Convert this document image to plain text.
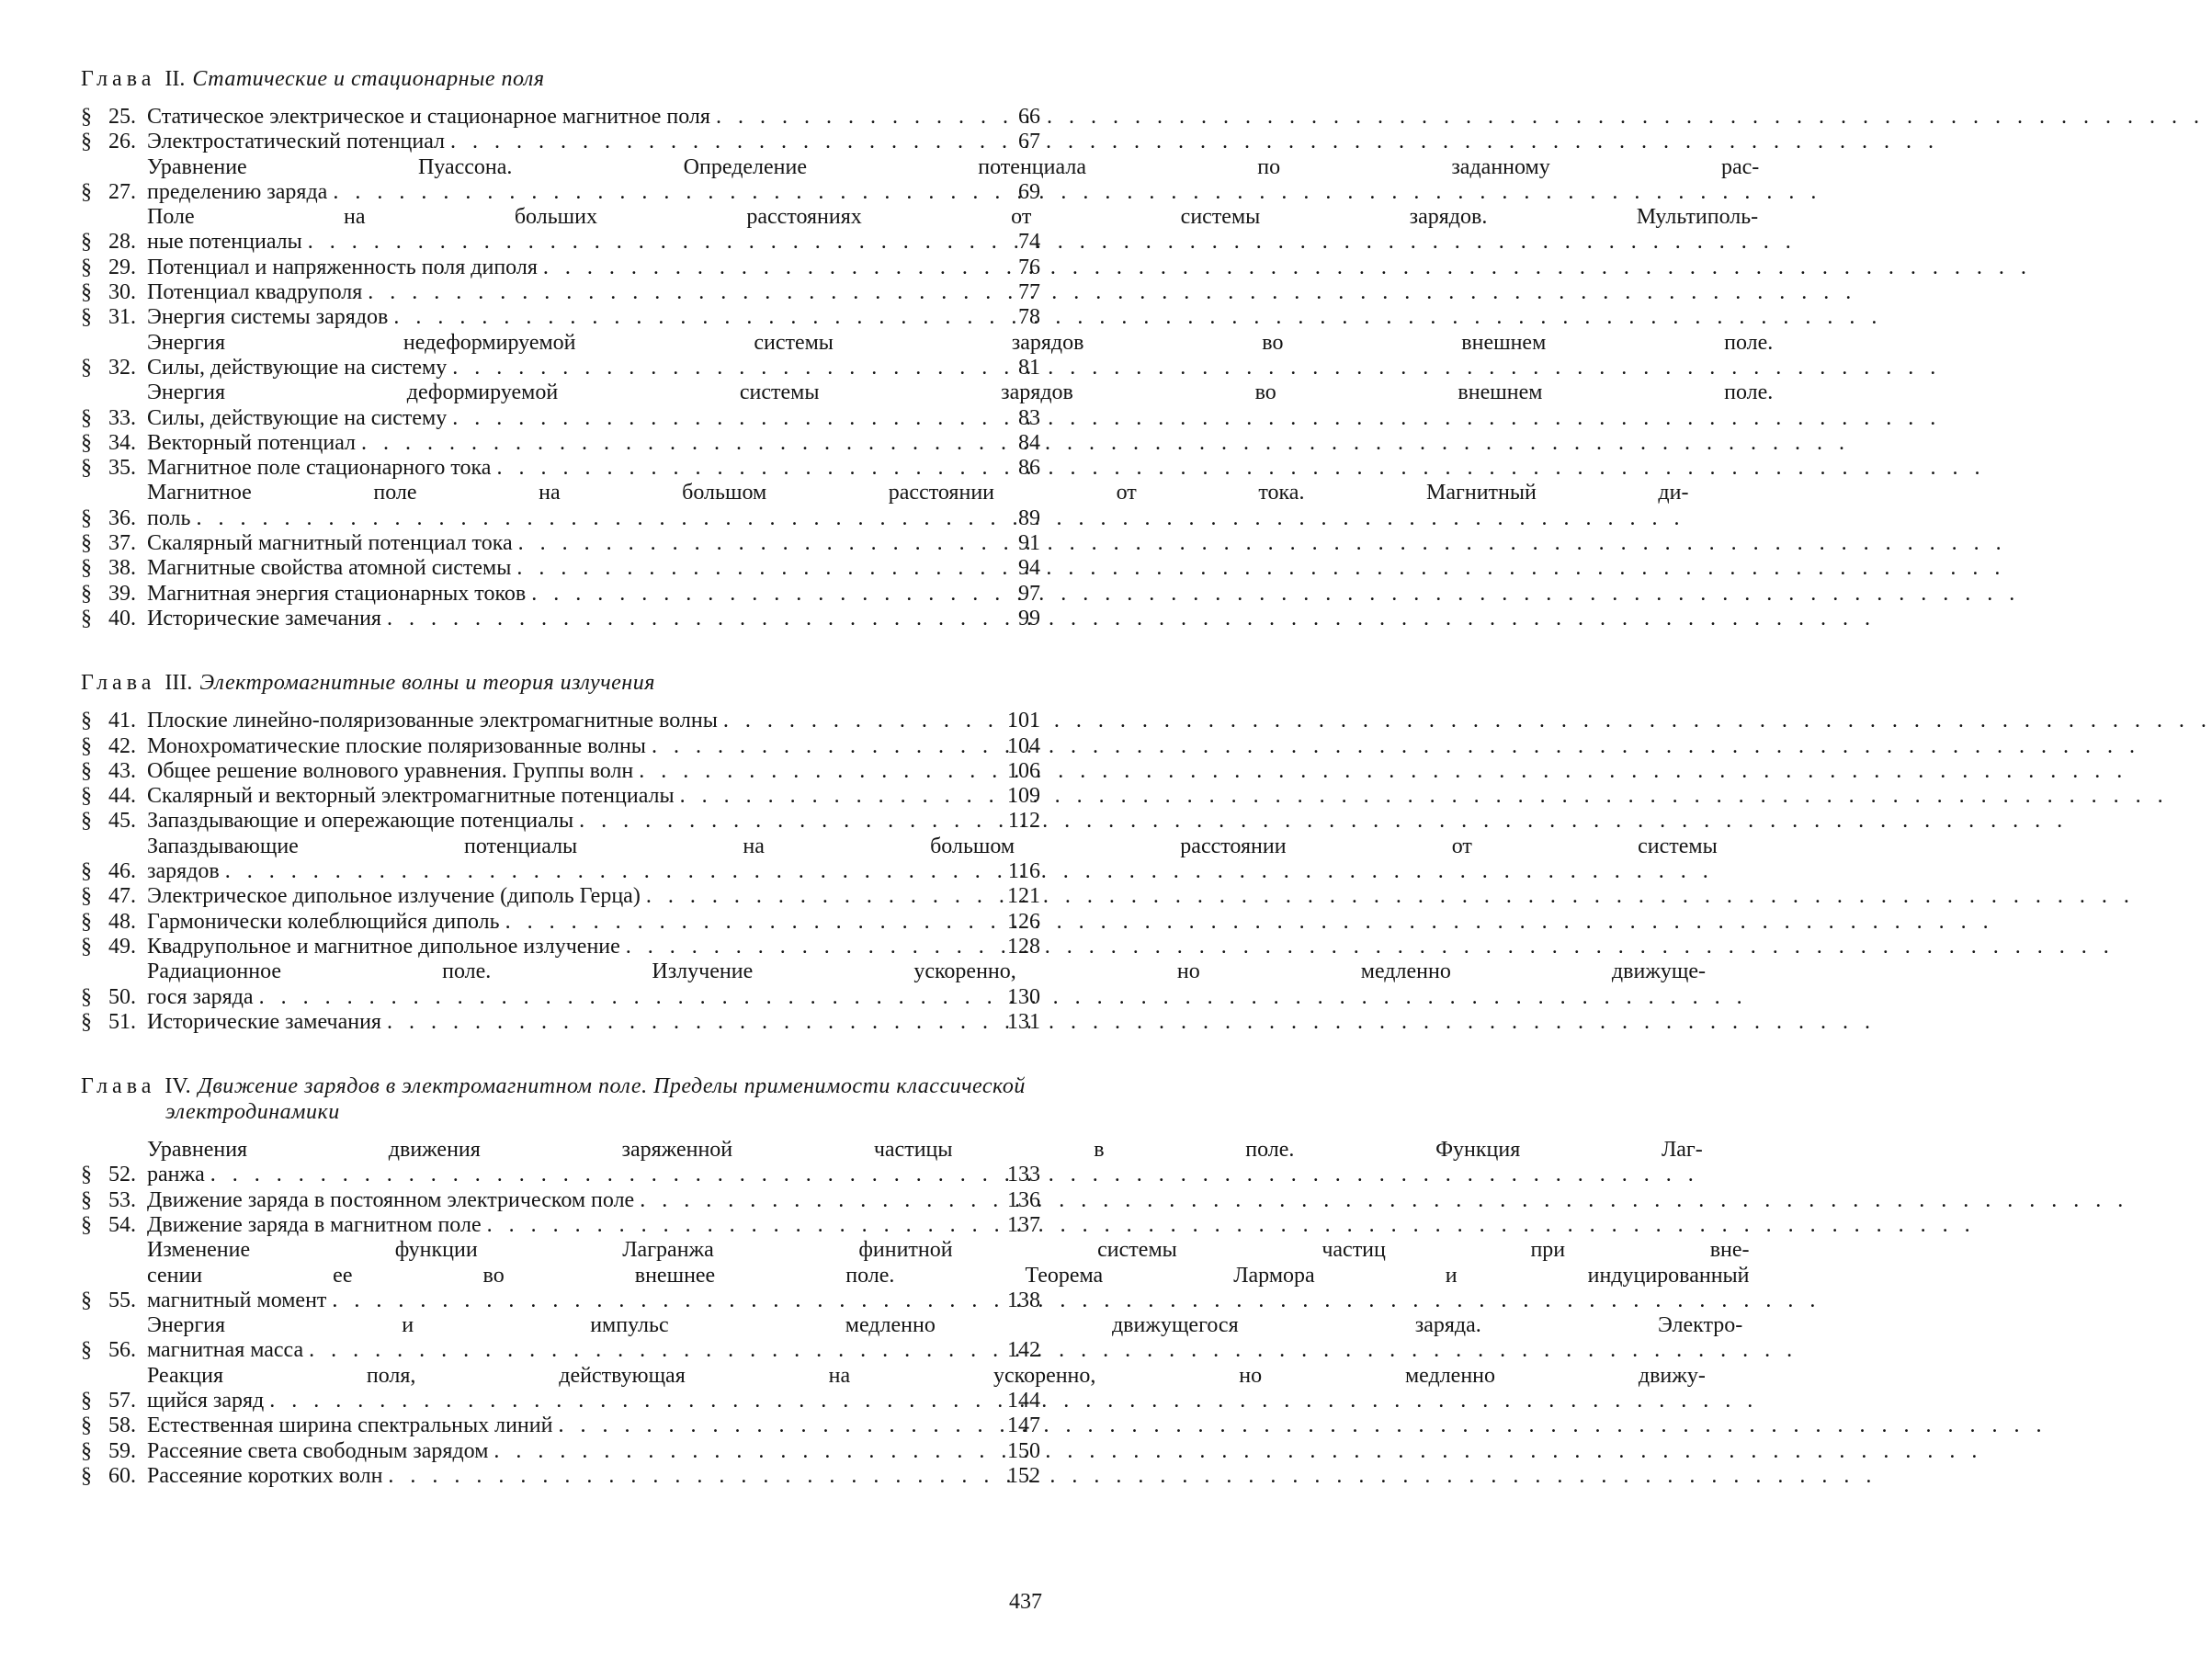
Глава II. Статические и стационарные поля
§ 25. Статическое электрическое и стационарное магнитное поля . . .	66
§ 26. Электростатический потенциал . . .	67
§ 27.
Уравнение Пуассона. Определение потенциала по заданному рас-
пределению заряда . . .	69
§ 28.
Поле на больших расстояниях от системы зарядов. Мультиполь-
ные потенциалы . . .	74
§ 29. Потенциал и напряженность поля диполя . . .	76
§ 30. Потенциал квадруполя . . .	77
§ 31. Энергия системы зарядов . . .	78
§ 32.
Энергия недеформируемой системы зарядов во внешнем поле.
Силы, действующие на систему . . .	81
§ 33.
Энергия деформируемой системы зарядов во внешнем поле.
Силы, действующие на систему . . .	83
§ 34. Векторный потенциал . . .	84
§ 35. Магнитное поле стационарного тока . . .	86
§ 36.
Магнитное поле на большом расстоянии от тока. Магнитный ди-
поль . . .	89
§ 37. Скалярный магнитный потенциал тока . . .	91
§ 38. Магнитные свойства атомной системы . . .	94
§ 39. Магнитная энергия стационарных токов . . .	97
§ 40. Исторические замечания . . .	99
Глава III. Электромагнитные волны и теория излучения
§ 41. Плоские линейно-поляризованные электромагнитные волны . . .	101
§ 42. Монохроматические плоские поляризованные волны . . .	104
§ 43. Общее решение волнового уравнения. Группы волн . . .	106
§ 44. Скалярный и векторный электромагнитные потенциалы . . .	109
§ 45. Запаздывающие и опережающие потенциалы . . .	112
§ 46.
Запаздывающие потенциалы на большом расстоянии от системы
зарядов . . .	116
§ 47. Электрическое дипольное излучение (диполь Герца) . . .	121
§ 48. Гармонически колеблющийся диполь . . .	126
§ 49. Квадрупольное и магнитное дипольное излучение . . .	128
§ 50.
Радиационное поле. Излучение ускоренно, но медленно движуще-
гося заряда . . .	130
§ 51. Исторические замечания . . .	131
Глава IV. Движение зарядов в электромагнитном поле. Пределы применимости классической электродинамики
§ 52.
Уравнения движения заряженной частицы в поле. Функция Лаг-
ранжа . . .	133
§ 53. Движение заряда в постоянном электрическом поле . . .	136
§ 54. Движение заряда в магнитном поле . . .	137
§ 55.
Изменение функции Лагранжа финитной системы частиц при вне-
сении ее во внешнее поле. Теорема Лармора и индуцированный
магнитный момент . . .	138
§ 56.
Энергия и импульс медленно движущегося заряда. Электро-
магнитная масса . . .	142
§ 57.
Реакция поля, действующая на ускоренно, но медленно движу-
щийся заряд . . .	144
§ 58. Естественная ширина спектральных линий . . .	147
§ 59. Рассеяние света свободным зарядом . . .	150
§ 60. Рассеяние коротких волн . . .	152
437
